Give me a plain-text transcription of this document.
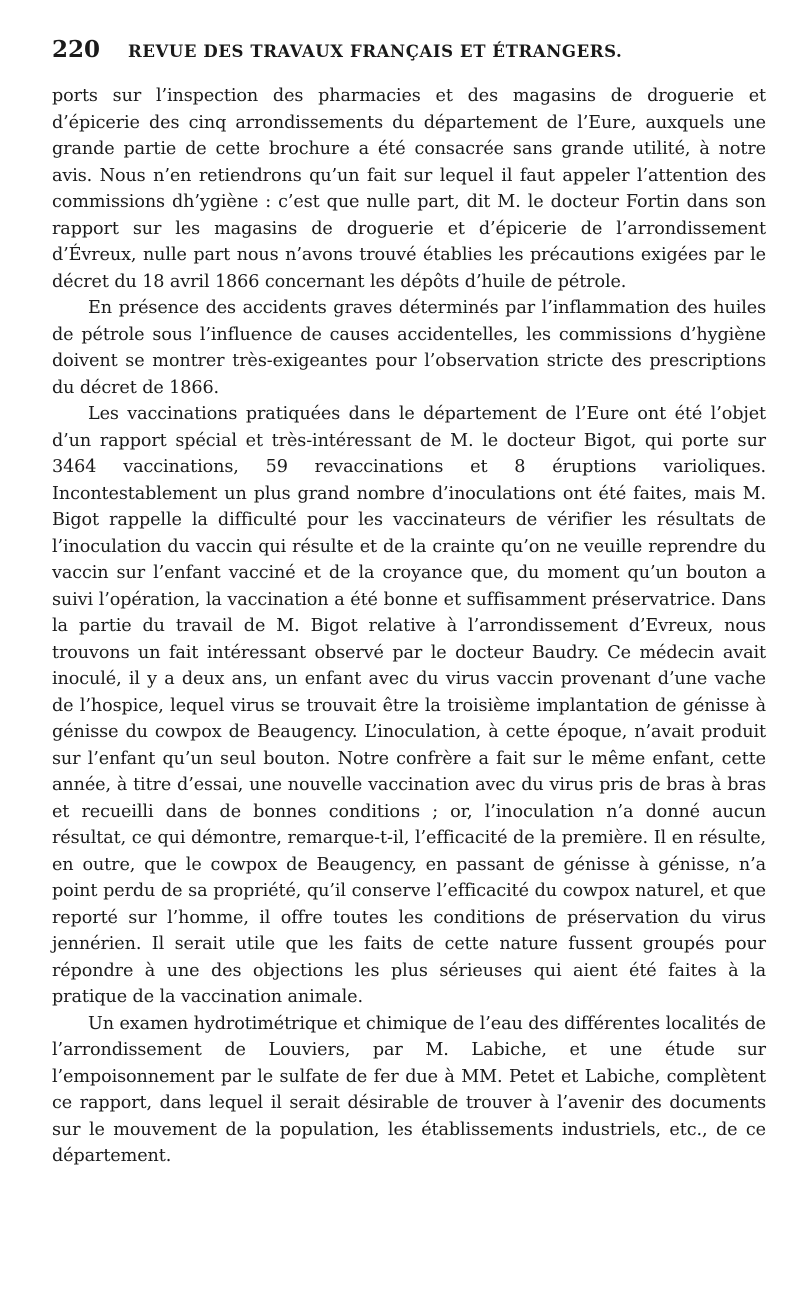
220 REVUE DES TRAVAUX FRANÇAIS ET ÉTRANGERS.

ports sur l’inspection des pharmacies et des magasins de droguerie et d’épicerie des cinq arrondissements du département de l’Eure, auxquels une grande partie de cette brochure a été consacrée sans grande utilité, à notre avis. Nous n’en retiendrons qu’un fait sur lequel il faut appeler l’attention des commissions dh’ygiène : c’est que nulle part, dit M. le docteur Fortin dans son rapport sur les magasins de droguerie et d’épicerie de l’arrondissement d’Évreux, nulle part nous n’avons trouvé établies les précautions exigées par le décret du 18 avril 1866 concernant les dépôts d’huile de pétrole.

En présence des accidents graves déterminés par l’inflammation des huiles de pétrole sous l’influence de causes accidentelles, les commissions d’hygiène doivent se montrer très-exigeantes pour l’observation stricte des prescriptions du décret de 1866.

Les vaccinations pratiquées dans le département de l’Eure ont été l’objet d’un rapport spécial et très-intéressant de M. le docteur Bigot, qui porte sur 3464 vaccinations, 59 revaccinations et 8 éruptions varioliques. Incontestablement un plus grand nombre d’inoculations ont été faites, mais M. Bigot rappelle la difficulté pour les vaccinateurs de vérifier les résultats de l’inoculation du vaccin qui résulte et de la crainte qu’on ne veuille reprendre du vaccin sur l’enfant vacciné et de la croyance que, du moment qu’un bouton a suivi l’opération, la vaccination a été bonne et suffisamment préservatrice. Dans la partie du travail de M. Bigot relative à l’arrondissement d’Evreux, nous trouvons un fait intéressant observé par le docteur Baudry. Ce médecin avait inoculé, il y a deux ans, un enfant avec du virus vaccin provenant d’une vache de l’hospice, lequel virus se trouvait être la troisième implantation de génisse à génisse du cowpox de Beaugency. L’inoculation, à cette époque, n’avait produit sur l’enfant qu’un seul bouton. Notre confrère a fait sur le même enfant, cette année, à titre d’essai, une nouvelle vaccination avec du virus pris de bras à bras et recueilli dans de bonnes conditions ; or, l’inoculation n’a donné aucun résultat, ce qui démontre, remarque-t-il, l’efficacité de la première. Il en résulte, en outre, que le cowpox de Beaugency, en passant de génisse à génisse, n’a point perdu de sa propriété, qu’il conserve l’efficacité du cowpox naturel, et que reporté sur l’homme, il offre toutes les conditions de préservation du virus jennérien. Il serait utile que les faits de cette nature fussent groupés pour répondre à une des objections les plus sérieuses qui aient été faites à la pratique de la vaccination animale.

Un examen hydrotimétrique et chimique de l’eau des différentes localités de l’arrondissement de Louviers, par M. Labiche, et une étude sur l’empoisonnement par le sulfate de fer due à MM. Petet et Labiche, complètent ce rapport, dans lequel il serait désirable de trouver à l’avenir des documents sur le mouvement de la population, les établissements industriels, etc., de ce département.
